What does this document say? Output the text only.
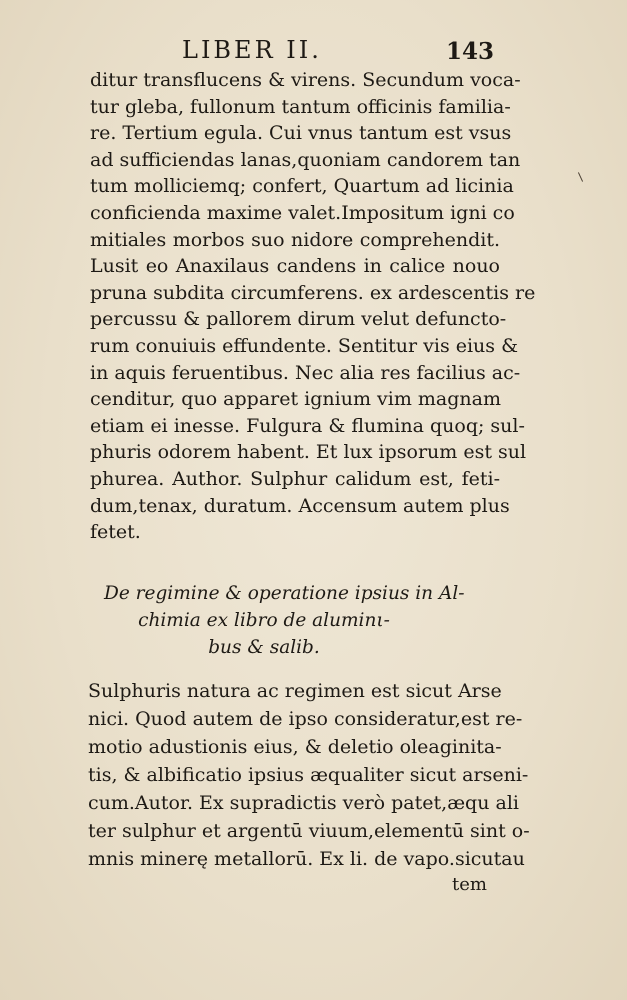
LIBER II.	143
ditur transflucens & virens. Secundum voca-
tur gleba, fullonum tantum officinis familia-
re. Tertium egula. Cui vnus tantum est vsus
ad sufficiendas lanas,quoniam candorem tan
tum molliciemq; confert, Quartum ad licinia
conficienda maxime valet.Impositum igni co
mitiales morbos suo nidore comprehendit.
Lusit eo Anaxilaus candens in calice nouo
pruna subdita circumferens. ex ardescentis re
percussu & pallorem dirum velut defuncto-
rum conuiuis effundente. Sentitur vis eius &
in aquis feruentibus. Nec alia res facilius ac-
cenditur, quo apparet ignium vim magnam
etiam ei inesse. Fulgura & flumina quoq; sul-
phuris odorem habent. Et lux ipsorum est sul
phurea. Author. Sulphur calidum est, feti-
dum,tenax, duratum. Accensum autem plus
fetet.
De regimine & operatione ipsius in Al-
chimia ex libro de aluminι-
bus & salib.
Sulphuris natura ac regimen est sicut Arse
nici. Quod autem de ipso consideratur,est re-
motio adustionis eius, & deletio oleaginita-
tis, & albificatio ipsius æqualiter sicut arseni-
cum.Autor. Ex supradictis verò patet,æqu ali
ter sulphur et argentū viuum,elementū sint o-
mnis minerę metallorū. Ex li. de vapo.sicutau
tem
